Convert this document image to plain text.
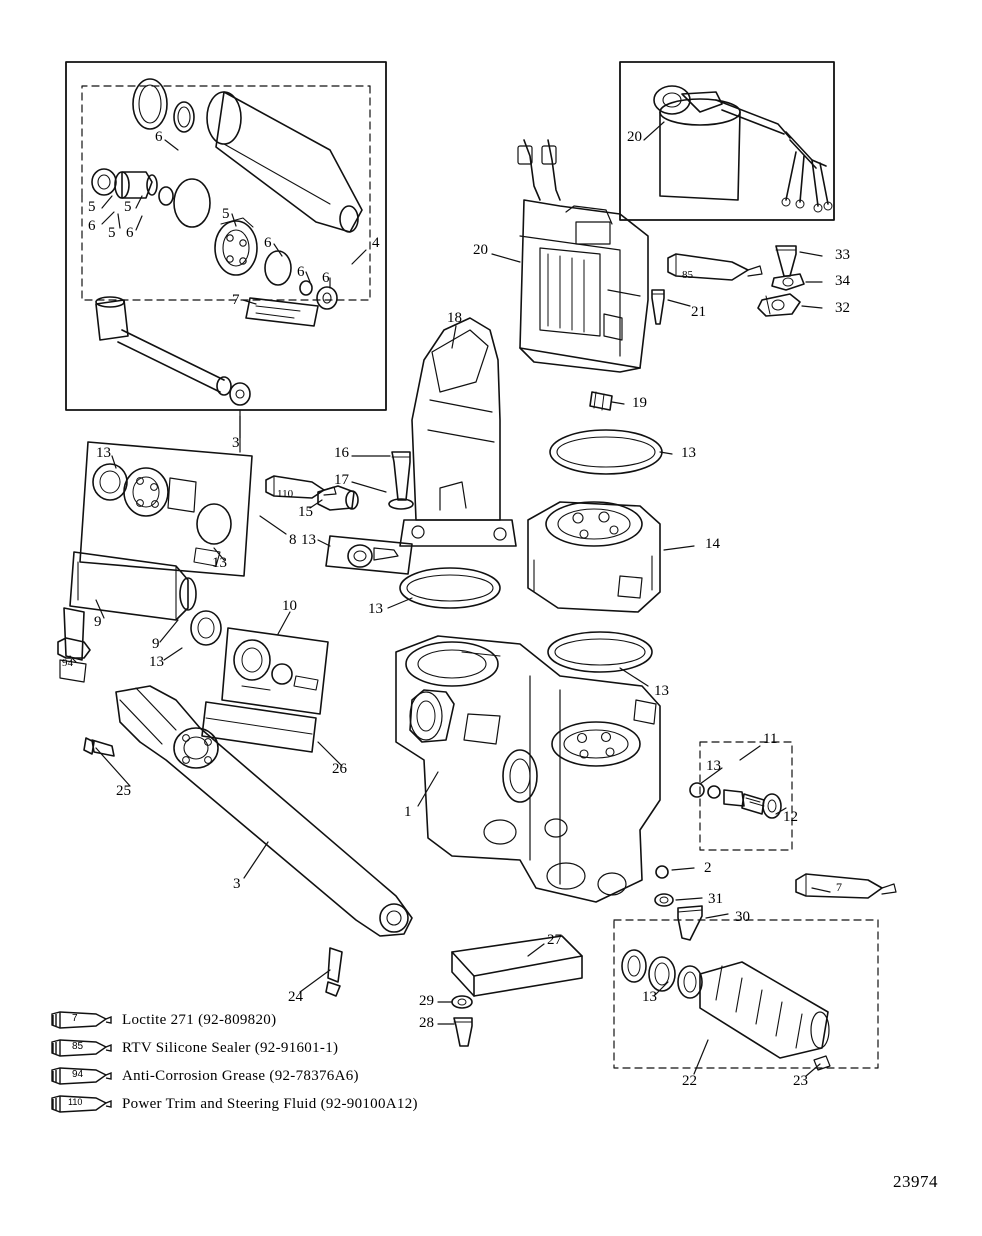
4
5
6 5 6
5
6
5
6
6 6
7
3
8
13
13
9
9
13
94
10
26
25
3
24
16
17
110
15
13
13
18
1
20
20
21
85
33
34
32
19
13
14
13
11
13
12
2
31
30
7
27
29
28
13
22	23
7	Loctite 271 (92-809820)
85	RTV Silicone Sealer (92-91601-1)
94	Anti-Corrosion Grease (92-78376A6)
110	Power Trim and Steering Fluid (92-90100A12)
23974
